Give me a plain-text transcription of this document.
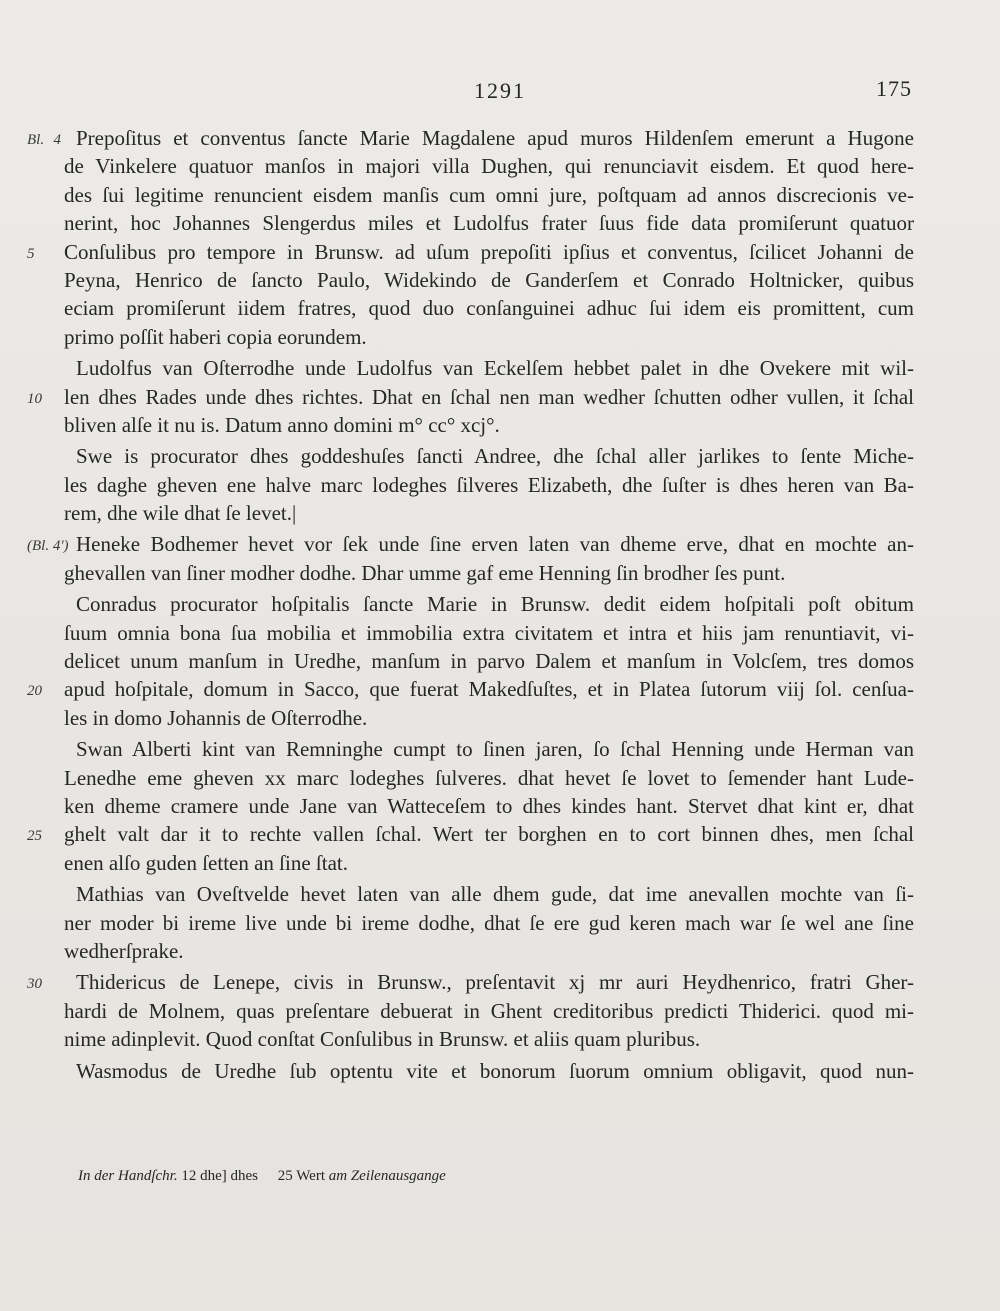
1291	175
Bl. 4 Prepoſitus et conventus ſancte Marie Magdalene apud muros Hildenſem emerunt a Hugone
de Vinkelere quatuor manſos in majori villa Dughen, qui renunciavit eisdem. Et quod here-
des ſui legitime renuncient eisdem manſis cum omni jure, poſtquam ad annos discrecionis ve-
nerint, hoc Johannes Slengerdus miles et Ludolfus frater ſuus fide data promiſerunt quatuor
5	Conſulibus pro tempore in Brunsw. ad uſum prepoſiti ipſius et conventus, ſcilicet Johanni de
Peyna, Henrico de ſancto Paulo, Widekindo de Ganderſem et Conrado Holtnicker, quibus
eciam promiſerunt iidem fratres, quod duo conſanguinei adhuc ſui idem eis promittent, cum
primo poſſit haberi copia eorundem.
Ludolfus van Oſterrodhe unde Ludolfus van Eckelſem hebbet palet in dhe Ovekere mit wil-
10	len dhes Rades unde dhes richtes. Dhat en ſchal nen man wedher ſchutten odher vullen, it ſchal
bliven alſe it nu is. Datum anno domini m° cc° xcj°.
Swe is procurator dhes goddeshuſes ſancti Andree, dhe ſchal aller jarlikes to ſente Miche-
les daghe gheven ene halve marc lodeghes ſilveres Elizabeth, dhe ſuſter is dhes heren van Ba-
rem, dhe wile dhat ſe levet.|
(Bl. 4') Heneke Bodhemer hevet vor ſek unde ſine erven laten van dheme erve, dhat en mochte an-
ghevallen van ſiner modher dodhe. Dhar umme gaf eme Henning ſin brodher ſes punt.
Conradus procurator hoſpitalis ſancte Marie in Brunsw. dedit eidem hoſpitali poſt obitum
ſuum omnia bona ſua mobilia et immobilia extra civitatem et intra et hiis jam renuntiavit, vi-
delicet unum manſum in Uredhe, manſum in parvo Dalem et manſum in Volcſem, tres domos
20	apud hoſpitale, domum in Sacco, que fuerat Makedſuſtes, et in Platea ſutorum viij ſol. cenſua-
les in domo Johannis de Oſterrodhe.
Swan Alberti kint van Remninghe cumpt to ſinen jaren, ſo ſchal Henning unde Herman van
Lenedhe eme gheven xx marc lodeghes ſulveres. dhat hevet ſe lovet to ſemender hant Lude-
ken dheme cramere unde Jane van Watteceſem to dhes kindes hant. Stervet dhat kint er, dhat
25	ghelt valt dar it to rechte vallen ſchal. Wert ter borghen en to cort binnen dhes, men ſchal
enen alſo guden ſetten an ſine ſtat.
Mathias van Oveſtvelde hevet laten van alle dhem gude, dat ime anevallen mochte van ſi-
ner moder bi ireme live unde bi ireme dodhe, dhat ſe ere gud keren mach war ſe wel ane ſine
wedherſprake.
30	Thidericus de Lenepe, civis in Brunsw., preſentavit xj mr auri Heydhenrico, fratri Gher-
hardi de Molnem, quas preſentare debuerat in Ghent creditoribus predicti Thiderici. quod mi-
nime adinplevit. Quod conſtat Conſulibus in Brunsw. et aliis quam pluribus.
Wasmodus de Uredhe ſub optentu vite et bonorum ſuorum omnium obligavit, quod nun-
In der Handſchr. 12 dhe] dhes 25 Wert am Zeilenausgange
